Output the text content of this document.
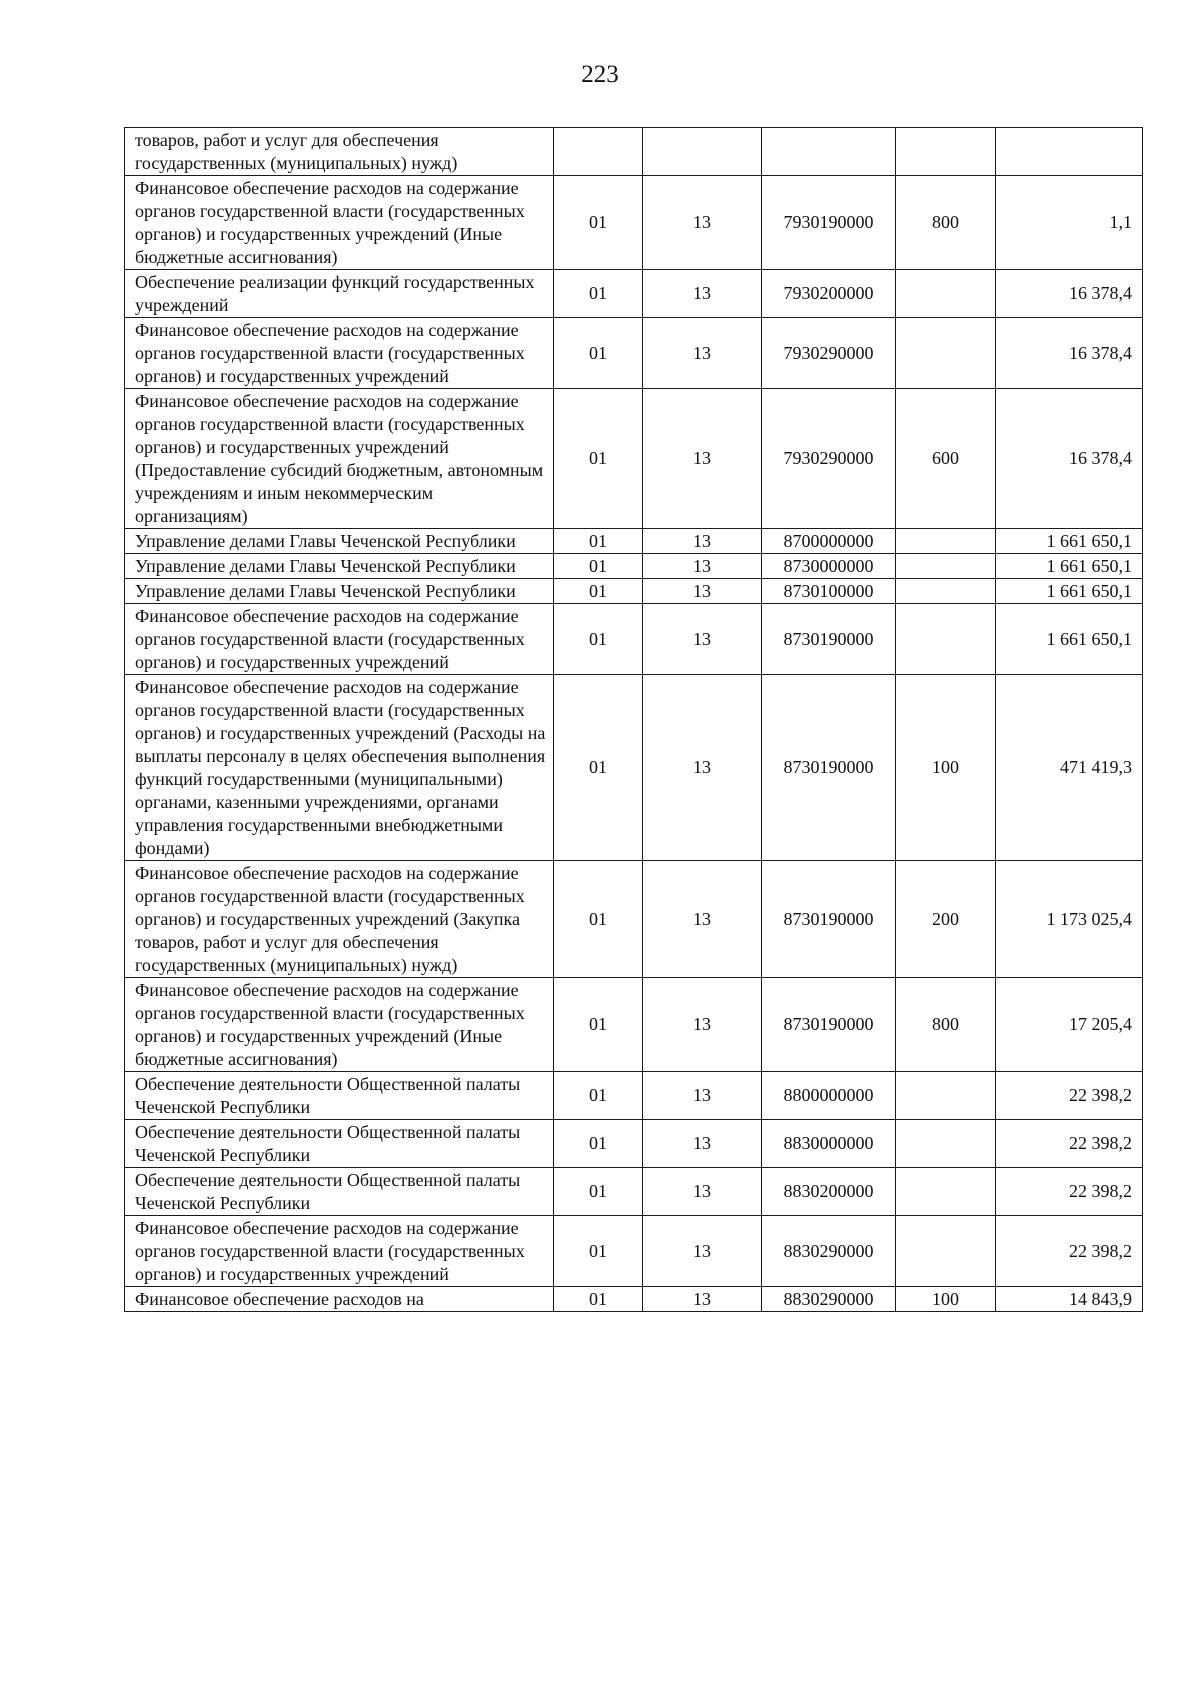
223
товаров, работ и услуг для обеспечения государственных (муниципальных) нужд)					
Финансовое обеспечение расходов на содержание органов государственной власти (государственных органов) и государственных учреждений (Иные бюджетные ассигнования)	01	13	7930190000	800	1,1
Обеспечение реализации функций государственных учреждений	01	13	7930200000		16 378,4
Финансовое обеспечение расходов на содержание органов государственной власти (государственных органов) и государственных учреждений	01	13	7930290000		16 378,4
Финансовое обеспечение расходов на содержание органов государственной власти (государственных органов) и государственных учреждений (Предоставление субсидий бюджетным, автономным учреждениям и иным некоммерческим организациям)	01	13	7930290000	600	16 378,4
Управление делами Главы Чеченской Республики	01	13	8700000000		1 661 650,1
Управление делами Главы Чеченской Республики	01	13	8730000000		1 661 650,1
Управление делами Главы Чеченской Республики	01	13	8730100000		1 661 650,1
Финансовое обеспечение расходов на содержание органов государственной власти (государственных органов) и государственных учреждений	01	13	8730190000		1 661 650,1
Финансовое обеспечение расходов на содержание органов государственной власти (государственных органов) и государственных учреждений (Расходы на выплаты персоналу в целях обеспечения выполнения функций государственными (муниципальными) органами, казенными учреждениями, органами управления государственными внебюджетными фондами)	01	13	8730190000	100	471 419,3
Финансовое обеспечение расходов на содержание органов государственной власти (государственных органов) и государственных учреждений (Закупка товаров, работ и услуг для обеспечения государственных (муниципальных) нужд)	01	13	8730190000	200	1 173 025,4
Финансовое обеспечение расходов на содержание органов государственной власти (государственных органов) и государственных учреждений (Иные бюджетные ассигнования)	01	13	8730190000	800	17 205,4
Обеспечение деятельности Общественной палаты Чеченской Республики	01	13	8800000000		22 398,2
Обеспечение деятельности Общественной палаты Чеченской Республики	01	13	8830000000		22 398,2
Обеспечение деятельности Общественной палаты Чеченской Республики	01	13	8830200000		22 398,2
Финансовое обеспечение расходов на содержание органов государственной власти (государственных органов) и государственных учреждений	01	13	8830290000		22 398,2
Финансовое обеспечение расходов на	01	13	8830290000	100	14 843,9
